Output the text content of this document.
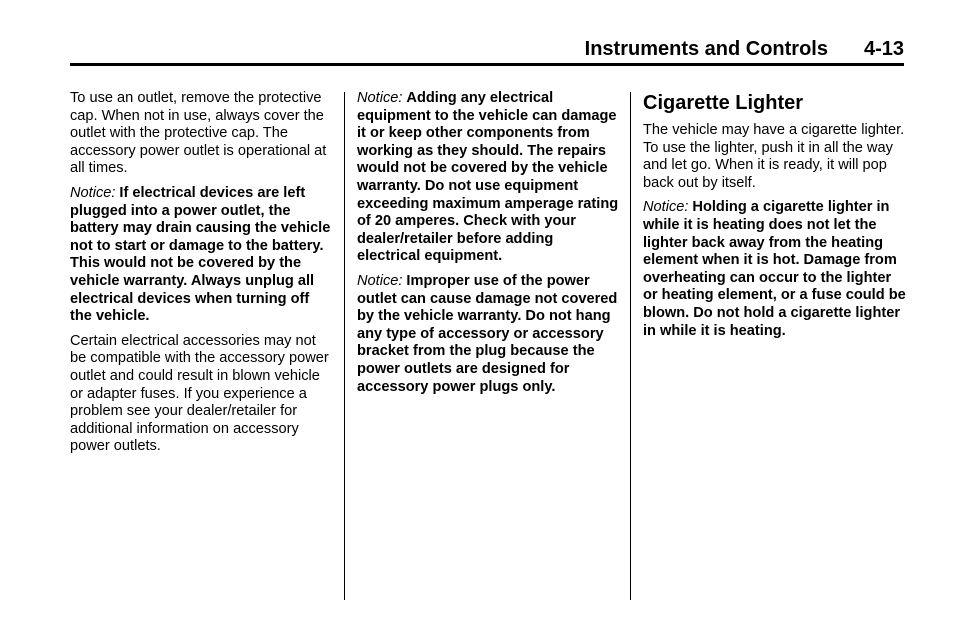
Instruments and Controls 4-13

To use an outlet, remove the protective cap. When not in use, always cover the outlet with the protective cap. The accessory power outlet is operational at all times.

Notice: If electrical devices are left plugged into a power outlet, the battery may drain causing the vehicle not to start or damage to the battery. This would not be covered by the vehicle warranty. Always unplug all electrical devices when turning off the vehicle.

Certain electrical accessories may not be compatible with the accessory power outlet and could result in blown vehicle or adapter fuses. If you experience a problem see your dealer/retailer for additional information on accessory power outlets.

Notice: Adding any electrical equipment to the vehicle can damage it or keep other components from working as they should. The repairs would not be covered by the vehicle warranty. Do not use equipment exceeding maximum amperage rating of 20 amperes. Check with your dealer/retailer before adding electrical equipment.

Notice: Improper use of the power outlet can cause damage not covered by the vehicle warranty. Do not hang any type of accessory or accessory bracket from the plug because the power outlets are designed for accessory power plugs only.

Cigarette Lighter

The vehicle may have a cigarette lighter. To use the lighter, push it in all the way and let go. When it is ready, it will pop back out by itself.

Notice: Holding a cigarette lighter in while it is heating does not let the lighter back away from the heating element when it is hot. Damage from overheating can occur to the lighter or heating element, or a fuse could be blown. Do not hold a cigarette lighter in while it is heating.
